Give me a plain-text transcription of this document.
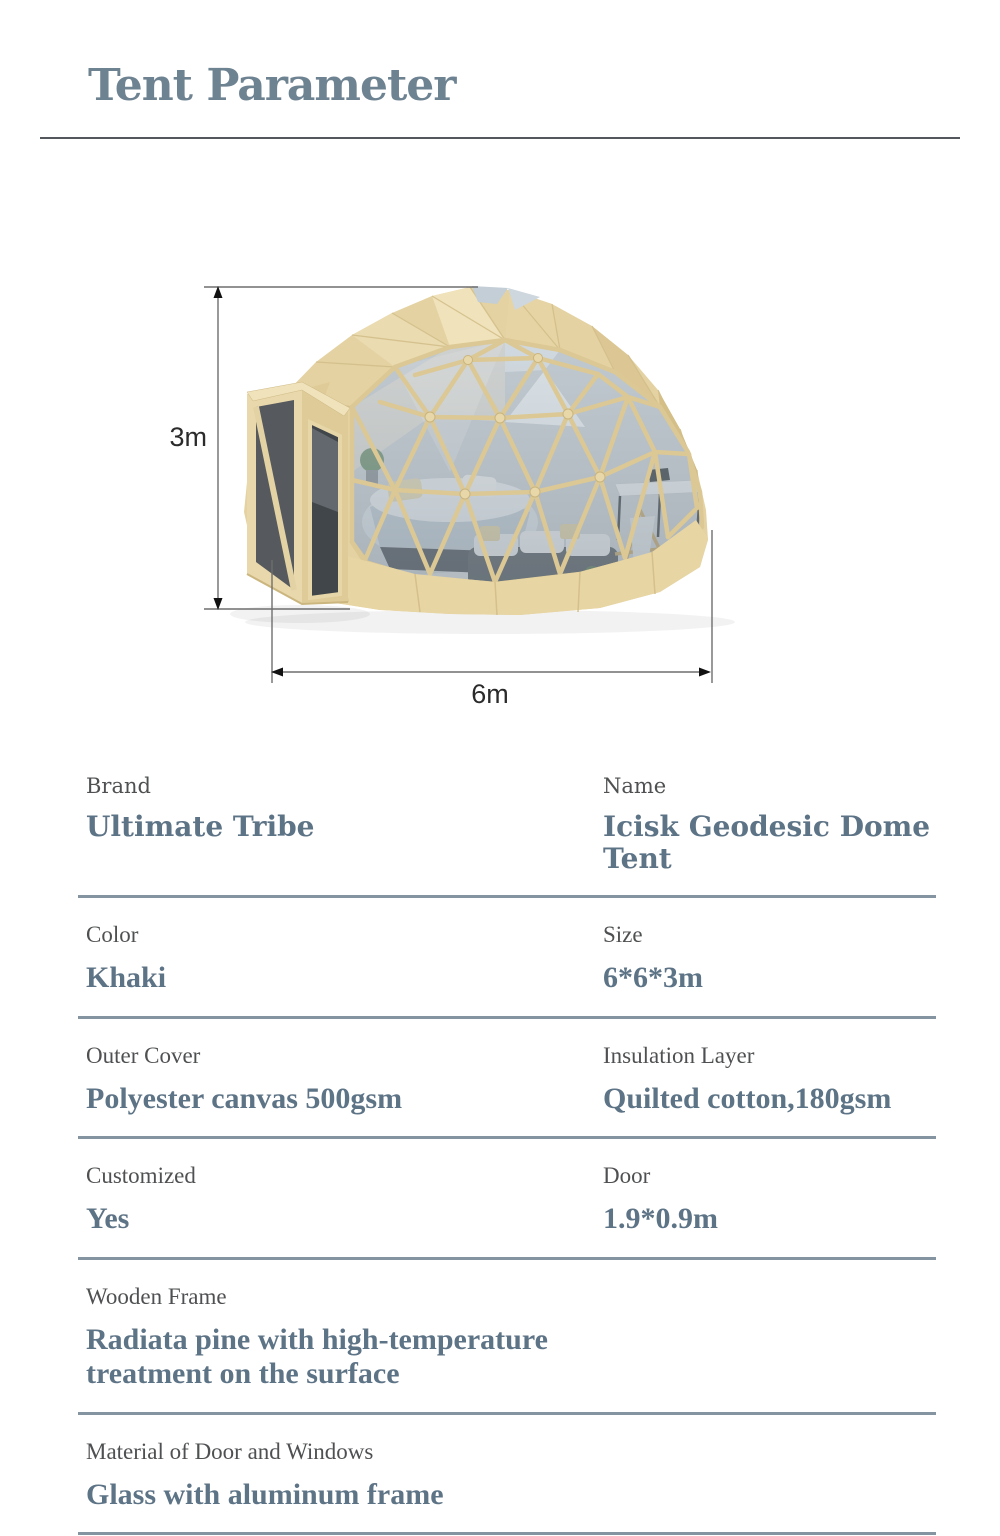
Tent Parameter
3m
6m
Brand
Ultimate Tribe
Name
Icisk Geodesic Dome Tent
Color
Khaki
Size
6*6*3m
Outer Cover
Polyester canvas 500gsm
Insulation Layer
Quilted cotton,180gsm
Customized
Yes
Door
1.9*0.9m
Wooden Frame
Radiata pine with high-temperature treatment on the surface
Material of Door and Windows
Glass with aluminum frame
